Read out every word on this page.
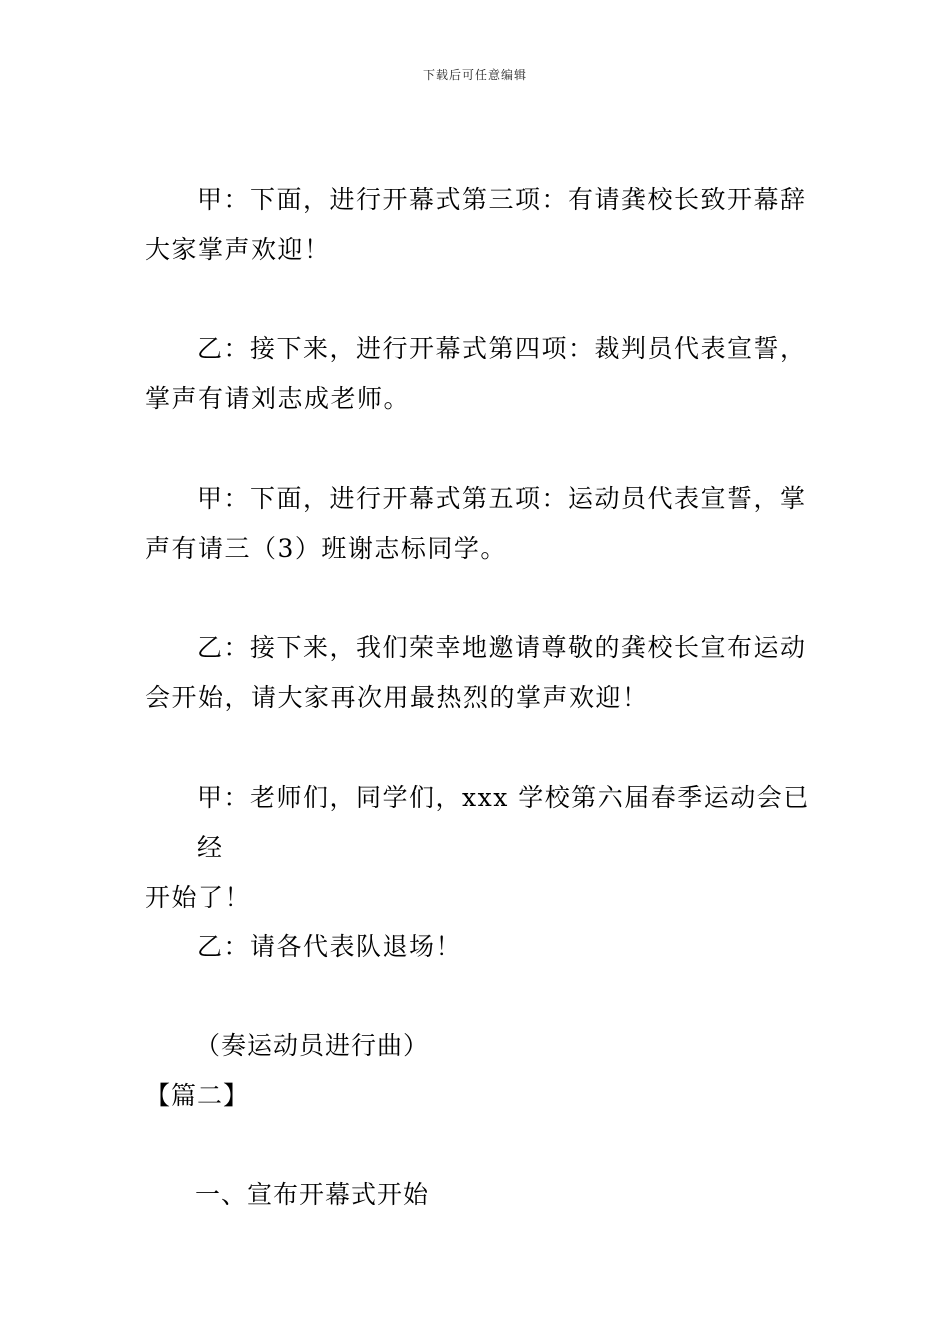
下载后可任意编辑
甲：下面，进行开幕式第三项：有请龚校长致开幕辞
大家掌声欢迎！
乙：接下来，进行开幕式第四项：裁判员代表宣誓，
掌声有请刘志成老师。
甲：下面，进行开幕式第五项：运动员代表宣誓，掌
声有请三（3）班谢志标同学。
乙：接下来，我们荣幸地邀请尊敬的龚校长宣布运动
会开始，请大家再次用最热烈的掌声欢迎！
甲：老师们，同学们，xxx 学校第六届春季运动会已经
开始了！
乙：请各代表队退场！
（奏运动员进行曲）
【篇二】
一、宣布开幕式开始
